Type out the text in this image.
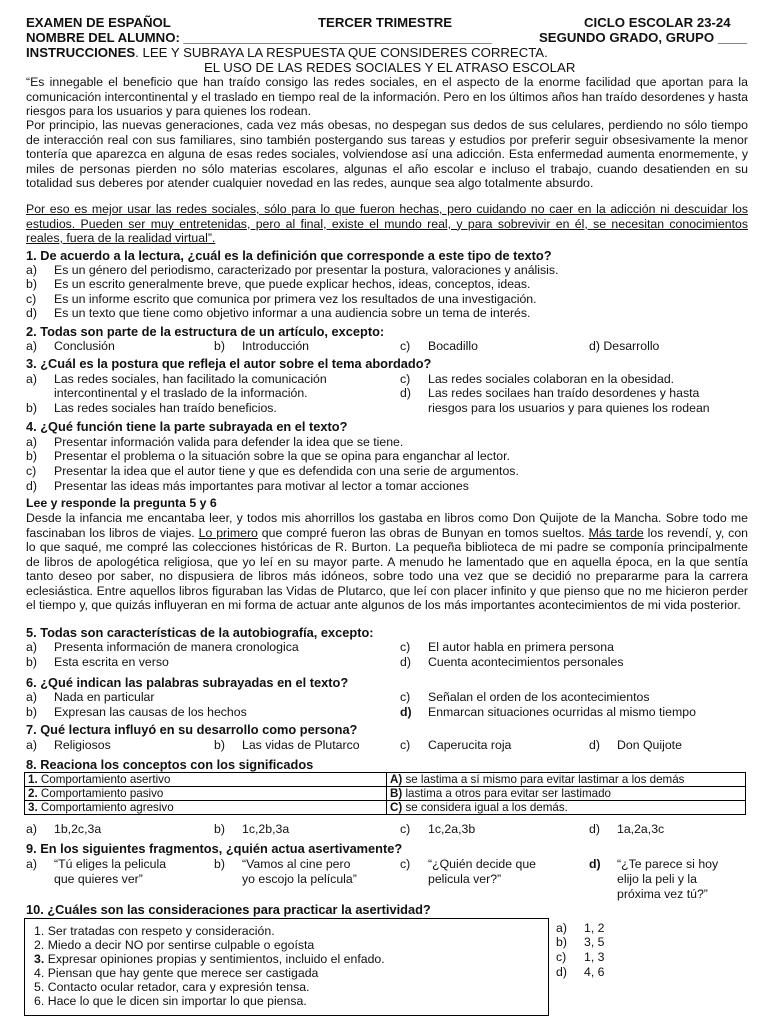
EXAMEN DE ESPAÑOL	TERCER TRIMESTRE	CICLO ESCOLAR 23-24
NOMBRE DEL ALUMNO: __________________________________________	SEGUNDO GRADO, GRUPO ____
INSTRUCCIONES. LEE Y SUBRAYA LA RESPUESTA QUE CONSIDERES CORRECTA.
EL USO DE LAS REDES SOCIALES Y EL ATRASO ESCOLAR
“Es innegable el beneficio que han traído consigo las redes sociales, en el aspecto de la enorme facilidad que aportan para la comunicación intercontinental y el traslado en tiempo real de la información. Pero en los últimos años han traído desordenes y hasta riesgos para los usuarios y para quienes los rodean.
Por principio, las nuevas generaciones, cada vez más obesas, no despegan sus dedos de sus celulares, perdiendo no sólo tiempo de interacción real con sus familiares, sino también postergando sus tareas y estudios por preferir seguir obsesivamente la menor tontería que aparezca en alguna de esas redes sociales, volviendose así una adicción. Esta enfermedad aumenta enormemente, y miles de personas pierden no sólo materias escolares, algunas el año escolar e incluso el trabajo, cuando desatienden en su totalidad sus deberes por atender cualquier novedad en las redes, aunque sea algo totalmente absurdo.
Por eso es mejor usar las redes sociales, sólo para lo que fueron hechas, pero cuidando no caer en la adicción ni descuidar los estudios. Pueden ser muy entretenidas, pero al final, existe el mundo real, y para sobrevivir en él, se necesitan conocimientos reales, fuera de la realidad virtual”.
1. De acuerdo a la lectura, ¿cuál es la definición que corresponde a este tipo de texto?
a) Es un género del periodismo, caracterizado por presentar la postura, valoraciones y análisis.
b) Es un escrito generalmente breve, que puede explicar hechos, ideas, conceptos, ideas.
c) Es un informe escrito que comunica por primera vez los resultados de una investigación.
d) Es un texto que tiene como objetivo informar a una audiencia sobre un tema de interés.
2. Todas son parte de la estructura de un artículo, excepto:
a) Conclusión	b) Introducción	c) Bocadillo	d) Desarrollo
3. ¿Cuál es la postura que refleja el autor sobre el tema abordado?
a) Las redes sociales, han facilitado la comunicación
intercontinental y el traslado de la información.
b) Las redes sociales han traído beneficios.
c) Las redes sociales colaboran en la obesidad.
d) Las redes socilaes han traído desordenes y hasta
riesgos para los usuarios y para quienes los rodean
4. ¿Qué función tiene la parte subrayada en el texto?
a) Presentar información valida para defender la idea que se tiene.
b) Presentar el problema o la situación sobre la que se opina para enganchar al lector.
c) Presentar la idea que el autor tiene y que es defendida con una serie de argumentos.
d) Presentar las ideas más importantes para motivar al lector a tomar acciones
Lee y responde la pregunta 5 y 6
Desde la infancia me encantaba leer, y todos mis ahorrillos los gastaba en libros como Don Quijote de la Mancha. Sobre todo me fascinaban los libros de viajes. Lo primero que compré fueron las obras de Bunyan en tomos sueltos. Más tarde los revendí, y, con lo que saqué, me compré las colecciones históricas de R. Burton. La pequeña biblioteca de mi padre se componía principalmente de libros de apologética religiosa, que yo leí en su mayor parte. A menudo he lamentado que en aquella época, en la que sentía tanto deseo por saber, no dispusiera de libros más idóneos, sobre todo una vez que se decidió no prepararme para la carrera eclesiástica. Entre aquellos libros figuraban las Vidas de Plutarco, que leí con placer infinito y que pienso que no me hicieron perder el tiempo y, que quizás influyeran en mi forma de actuar ante algunos de los más importantes acontecimientos de mi vida posterior.
5. Todas son características de la autobiografía, excepto:
a) Presenta información de manera cronologica
b) Esta escrita en verso
c) El autor habla en primera persona
d) Cuenta acontecimientos personales
6. ¿Qué indican las palabras subrayadas en el texto?
a) Nada en particular
b) Expresan las causas de los hechos
c) Señalan el orden de los acontecimientos
d) Enmarcan situaciones ocurridas al mismo tiempo
7. Qué lectura influyó en su desarrollo como persona?
a) Religiosos	b) Las vidas de Plutarco	c) Caperucita roja	d) Don Quijote
8. Reaciona los conceptos con los significados
1. Comportamiento asertivo	A) se lastima a sí mismo para evitar lastimar a los demás
2. Comportamiento pasivo	B) lastima a otros para evitar ser lastimado
3. Comportamiento agresivo	C) se considera igual a los demás.
a) 1b,2c,3a	b) 1c,2b,3a	c) 1c,2a,3b	d) 1a,2a,3c
9. En los siguientes fragmentos, ¿quién actua asertivamente?
a) “Tú eliges la pelicula
que quieres ver”
b) “Vamos al cine pero
yo escojo la película”
c) “¿Quién decide que
pelicula ver?”
d) “¿Te parece si hoy
elijo la peli y la
próxima vez tú?”
10. ¿Cuáles son las consideraciones para practicar la asertividad?
1. Ser tratadas con respeto y consideración.
2. Miedo a decir NO por sentirse culpable o egoísta
3. Expresar opiniones propias y sentimientos, incluido el enfado.
4. Piensan que hay gente que merece ser castigada
5. Contacto ocular retador, cara y expresión tensa.
6. Hace lo que le dicen sin importar lo que piensa.
a) 1, 2
b) 3, 5
c) 1, 3
d) 4, 6
